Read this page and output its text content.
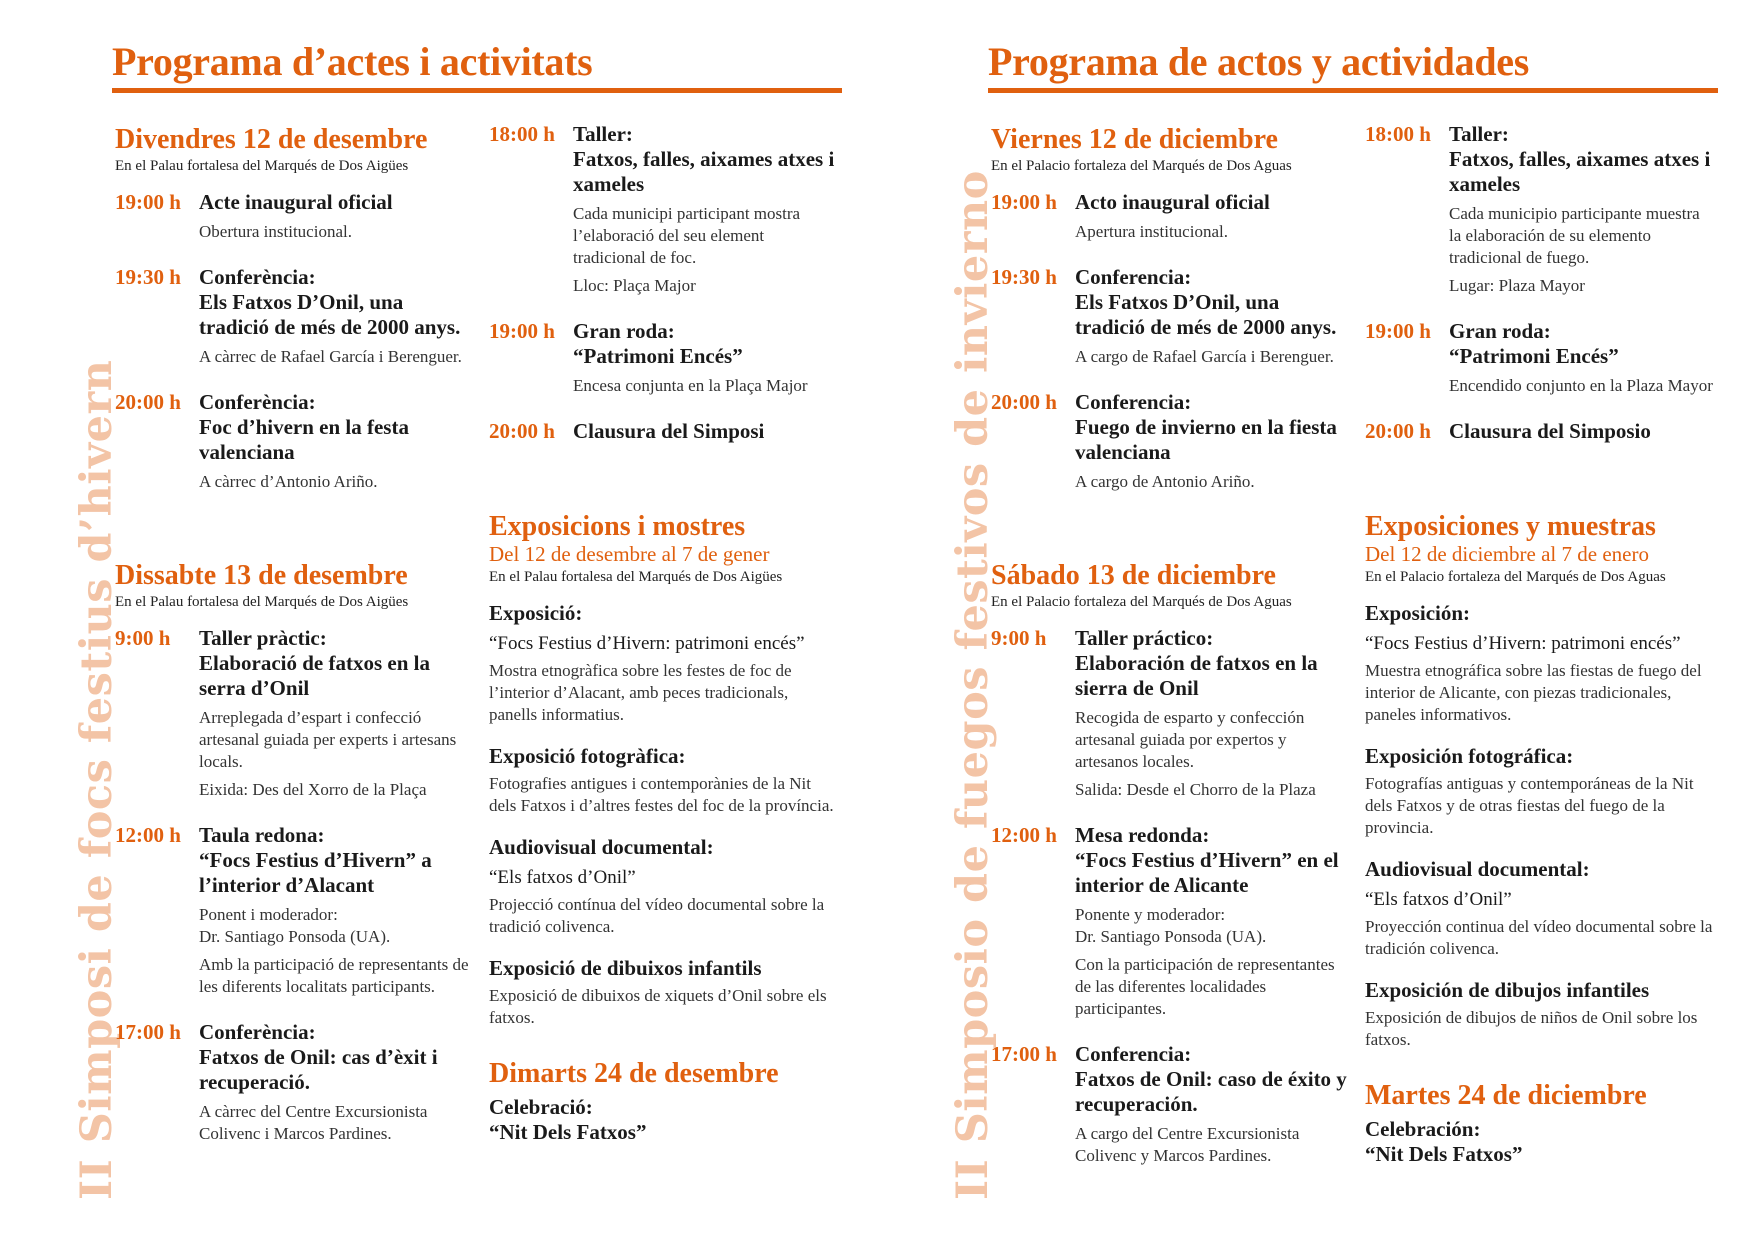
II Simposi de focs festius d’hivern
Programa d’actes i activitats
Divendres 12 de desembre
En el Palau fortalesa del Marqués de Dos Aigües
19:00 h Acte inaugural oficial
Obertura institucional.
19:30 h Conferència:
Els Fatxos D’Onil, una tradició de més de 2000 anys.
A càrrec de Rafael García i Berenguer.
20:00 h Conferència:
Foc d’hivern en la festa valenciana
A càrrec d’Antonio Ariño.
Dissabte 13 de desembre
En el Palau fortalesa del Marqués de Dos Aigües
9:00 h	Taller pràctic:
Elaboració de fatxos en la serra d’Onil
Arreplegada d’espart i confecció artesanal guiada per experts i artesans locals.
Eixida: Des del Xorro de la Plaça
12:00 h Taula redona:
“Focs Festius d’Hivern” a l’interior d’Alacant
Ponent i moderador:
Dr. Santiago Ponsoda (UA).
Amb la participació de representants de les diferents localitats participants.
17:00 h Conferència:
Fatxos de Onil: cas d’èxit i recuperació.
A càrrec del Centre Excursionista Colivenc i Marcos Pardines.
18:00 h Taller:
Fatxos, falles, aixames atxes i xameles
Cada municipi participant mostra l’elaboració del seu element tradicional de foc.
Lloc: Plaça Major
19:00 h Gran roda:
“Patrimoni Encés”
Encesa conjunta en la Plaça Major
20:00 h Clausura del Simposi
Exposicions i mostres
Del 12 de desembre al 7 de gener
En el Palau fortalesa del Marqués de Dos Aigües
Exposició:
“Focs Festius d’Hivern: patrimoni encés”
Mostra etnogràfica sobre les festes de foc de l’interior d’Alacant, amb peces tradicionals, panells informatius.
Exposició fotogràfica:
Fotografies antigues i contemporànies de la Nit dels Fatxos i d’altres festes del foc de la província.
Audiovisual documental:
“Els fatxos d’Onil”
Projecció contínua del vídeo documental sobre la tradició colivenca.
Exposició de dibuixos infantils
Exposició de dibuixos de xiquets d’Onil sobre els fatxos.
Dimarts 24 de desembre
Celebració:
“Nit Dels Fatxos”	II Simposio de fuegos festivos de invierno
Programa de actos y actividades
Viernes 12 de diciembre
En el Palacio fortaleza del Marqués de Dos Aguas
19:00 h Acto inaugural oficial
Apertura institucional.
19:30 h Conferencia:
Els Fatxos D’Onil, una tradició de més de 2000 anys.
A cargo de Rafael García i Berenguer.
20:00 h Conferencia:
Fuego de invierno en la fiesta valenciana
A cargo de Antonio Ariño.
Sábado 13 de diciembre
En el Palacio fortaleza del Marqués de Dos Aguas
9:00 h	Taller práctico:
Elaboración de fatxos en la sierra de Onil
Recogida de esparto y confección artesanal guiada por expertos y artesanos locales.
Salida: Desde el Chorro de la Plaza
12:00 h Mesa redonda:
“Focs Festius d’Hivern” en el interior de Alicante
Ponente y moderador:
Dr. Santiago Ponsoda (UA).
Con la participación de representantes de las diferentes localidades participantes.
17:00 h Conferencia:
Fatxos de Onil: caso de éxito y recuperación.
A cargo del Centre Excursionista Colivenc y Marcos Pardines.
18:00 h Taller:
Fatxos, falles, aixames atxes i xameles
Cada municipio participante muestra la elaboración de su elemento tradicional de fuego.
Lugar: Plaza Mayor
19:00 h Gran roda:
“Patrimoni Encés”
Encendido conjunto en la Plaza Mayor
20:00 h Clausura del Simposio
Exposiciones y muestras
Del 12 de diciembre al 7 de enero
En el Palacio fortaleza del Marqués de Dos Aguas
Exposición:
“Focs Festius d’Hivern: patrimoni encés”
Muestra etnográfica sobre las fiestas de fuego del interior de Alicante, con piezas tradicionales, paneles informativos.
Exposición fotográfica:
Fotografías antiguas y contemporáneas de la Nit dels Fatxos y de otras fiestas del fuego de la provincia.
Audiovisual documental:
“Els fatxos d’Onil”
Proyección continua del vídeo documental sobre la tradición colivenca.
Exposición de dibujos infantiles
Exposición de dibujos de niños de Onil sobre los fatxos.
Martes 24 de diciembre
Celebración:
“Nit Dels Fatxos”
